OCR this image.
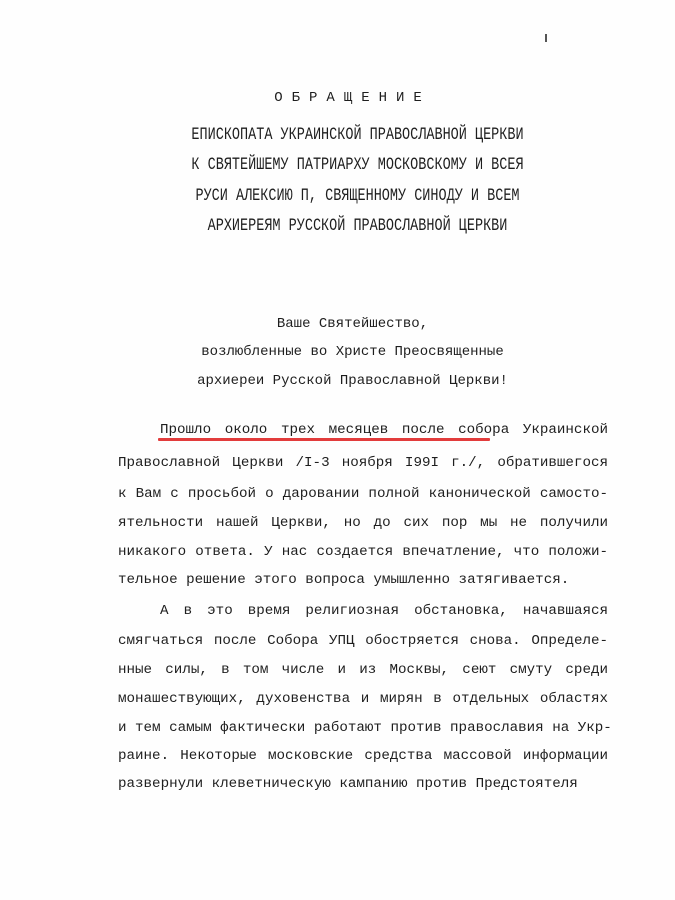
ОБРАЩЕНИЕ
ЕПИСКОПАТА УКРАИНСКОЙ ПРАВОСЛАВНОЙ ЦЕРКВИ
К СВЯТЕЙШЕМУ ПАТРИАРХУ МОСКОВСКОМУ И ВСЕЯ
РУСИ АЛЕКСИЮ П, СВЯЩЕННОМУ СИНОДУ И ВСЕМ
АРХИЕРЕЯМ РУССКОЙ ПРАВОСЛАВНОЙ ЦЕРКВИ
Ваше Святейшество,
возлюбленные во Христе Преосвященные
архиереи Русской Православной Церкви!
Прошло около трех месяцев после собора Украинской
Православной Церкви /I-3 ноября I99I г./, обратившегося
к Вам с просьбой о даровании полной канонической самосто-
ятельности нашей Церкви, но до сих пор мы не получили
никакого ответа. У нас создается впечатление, что положи-
тельное решение этого вопроса умышленно затягивается.
А в это время религиозная обстановка, начавшаяся
смягчаться после Собора УПЦ обостряется снова. Определе-
нные силы, в том числе и из Москвы, сеют смуту среди
монашествующих, духовенства и мирян в отдельных областях
и тем самым фактически работают против православия на Укр-
раине. Некоторые московские средства массовой информации
развернули клеветническую кампанию против Предстоятеля
